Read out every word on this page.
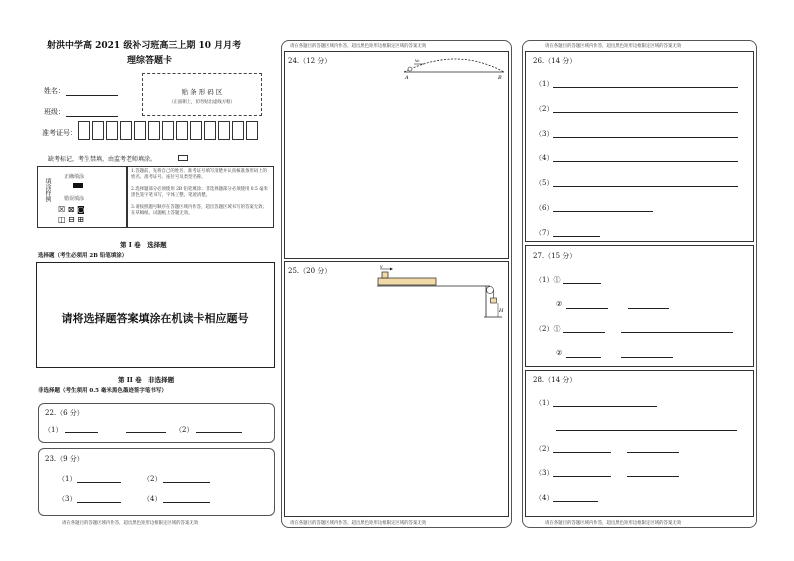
射洪中学高 2021 级补习班高三上期 10 月月考
理综答题卡
姓名：
班级：
准考证号：
贴 条 形 码 区
（正面朝上，切勿贴出虚线方框）
缺考标记，考生禁填，由监考老师填涂。
填涂样例
正确填涂
错误填涂
☒ ⊠ ◙
◫ ⊟ ⊞
1.答题前，先将自己的姓名、准考证号填写清楚并认真核准条形码上的姓名、准考证号、座位号及类型名称。
2.选择题部分必须使用 2B 铅笔填涂；非选择题部分必须使用 0.5 毫米黑色签字笔书写，字体工整、笔迹清楚。
3.请按照题号顺序在答题区域内作答，超出答题区域书写的答案无效；在草稿纸、试题纸上答题无效。
第 I 卷　选择题
选择题（考生必须用 2B 铅笔填涂）
请将选择题答案填涂在机读卡相应题号
第 II 卷　非选择题
非选择题（考生须用 0.5 毫米黑色墨迹签字笔书写）
22.（6 分）
（1）	（2）
23.（9 分）
（1）	（2）
（3）	（4）
请在各题目的答题区域内作答，超出黑色矩形边框限定区域的答案无效
请在各题目的答题区域内作答，超出黑色矩形边框限定区域的答案无效
24.（12 分）
A	B
v₀
25.（20 分）	v
H
请在各题目的答题区域内作答，超出黑色矩形边框限定区域的答案无效
请在各题目的答题区域内作答，超出黑色矩形边框限定区域的答案无效
26.（14 分）
（1）
（2）
（3）
（4）
（5）
（6）
（7）
27.（15 分）
（1）①
②
（2）①
②
28.（14 分）
（1）
（2）
（3）
（4）
请在各题目的答题区域内作答，超出黑色矩形边框限定区域的答案无效
